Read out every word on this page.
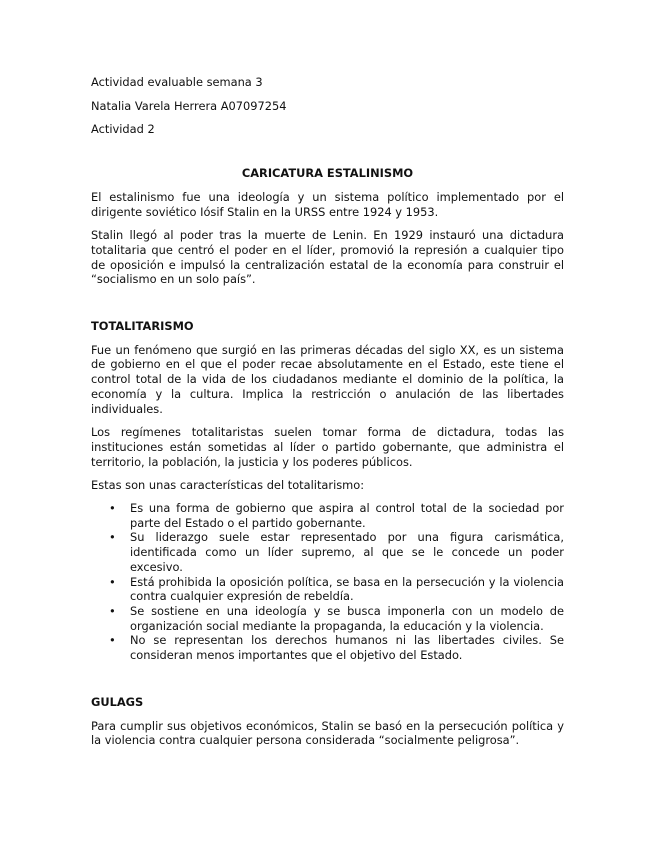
Actividad evaluable semana 3

Natalia Varela Herrera A07097254

Actividad 2

CARICATURA ESTALINISMO

El estalinismo fue una ideología y un sistema político implementado por el dirigente soviético Iósif Stalin en la URSS entre 1924 y 1953.

Stalin llegó al poder tras la muerte de Lenin. En 1929 instauró una dictadura totalitaria que centró el poder en el líder, promovió la represión a cualquier tipo de oposición e impulsó la centralización estatal de la economía para construir el “socialismo en un solo país”.

TOTALITARISMO

Fue un fenómeno que surgió en las primeras décadas del siglo XX, es un sistema de gobierno en el que el poder recae absolutamente en el Estado, este tiene el control total de la vida de los ciudadanos mediante el dominio de la política, la economía y la cultura. Implica la restricción o anulación de las libertades individuales.

Los regímenes totalitaristas suelen tomar forma de dictadura, todas las instituciones están sometidas al líder o partido gobernante, que administra el territorio, la población, la justicia y los poderes públicos.

Estas son unas características del totalitarismo:

• Es una forma de gobierno que aspira al control total de la sociedad por parte del Estado o el partido gobernante.
• Su liderazgo suele estar representado por una figura carismática, identificada como un líder supremo, al que se le concede un poder excesivo.
• Está prohibida la oposición política, se basa en la persecución y la violencia contra cualquier expresión de rebeldía.
• Se sostiene en una ideología y se busca imponerla con un modelo de organización social mediante la propaganda, la educación y la violencia.
• No se representan los derechos humanos ni las libertades civiles. Se consideran menos importantes que el objetivo del Estado.

GULAGS

Para cumplir sus objetivos económicos, Stalin se basó en la persecución política y la violencia contra cualquier persona considerada “socialmente peligrosa”.
